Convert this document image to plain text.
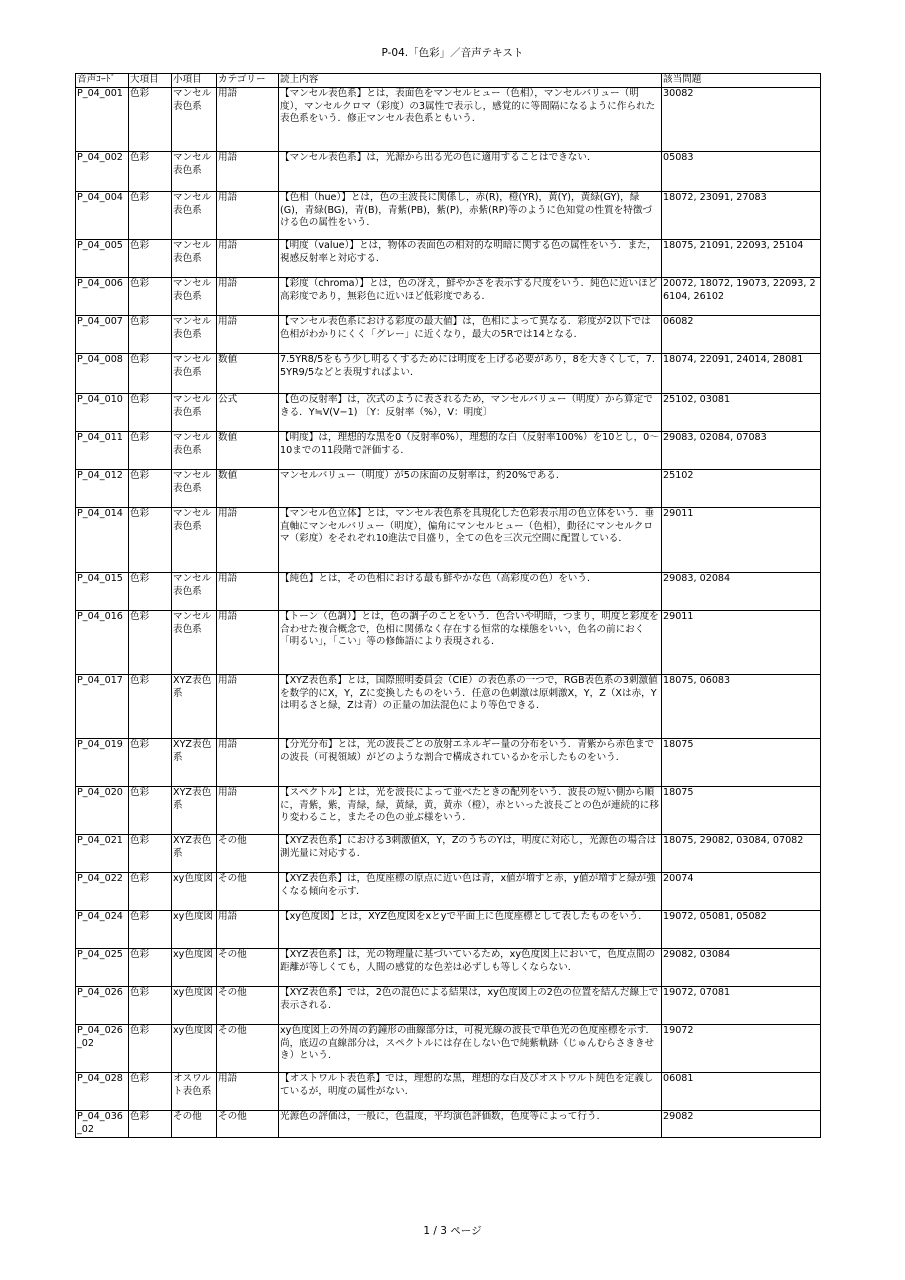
P-04.「色彩」／音声テキスト
音声ｺｰﾄﾞ	大項目	小項目	カテゴリー	読上内容	該当問題
P_04_001	色彩	マンセル表色系	用語	【マンセル表色系】とは，表面色をマンセルヒュー（色相），マンセルバリュー（明度），マンセルクロマ（彩度）の3属性で表示し，感覚的に等間隔になるように作られた表色系をいう．修正マンセル表色系ともいう．	30082
P_04_002	色彩	マンセル表色系	用語	【マンセル表色系】は，光源から出る光の色に適用することはできない．	05083
P_04_004	色彩	マンセル表色系	用語	【色相（hue）】とは，色の主波長に関係し，赤(R)，橙(YR)，黄(Y)，黄緑(GY)，緑(G)，青緑(BG)，青(B)，青紫(PB)，紫(P)，赤紫(RP)等のように色知覚の性質を特徴づける色の属性をいう．	18072, 23091, 27083
P_04_005	色彩	マンセル表色系	用語	【明度（value）】とは，物体の表面色の相対的な明暗に関する色の属性をいう．また，視感反射率と対応する．	18075, 21091, 22093, 25104
P_04_006	色彩	マンセル表色系	用語	【彩度（chroma）】とは，色の冴え，鮮やかさを表示する尺度をいう．純色に近いほど高彩度であり，無彩色に近いほど低彩度である．	20072, 18072, 19073, 22093, 26104, 26102
P_04_007	色彩	マンセル表色系	用語	【マンセル表色系における彩度の最大値】は，色相によって異なる．彩度が2以下では色相がわかりにくく「グレー」に近くなり，最大の5Rでは14となる．	06082
P_04_008	色彩	マンセル表色系	数値	7.5YR8/5をもう少し明るくするためには明度を上げる必要があり，8を大きくして，7.5YR9/5などと表現すればよい．	18074, 22091, 24014, 28081
P_04_010	色彩	マンセル表色系	公式	【色の反射率】は，次式のように表されるため，マンセルバリュー（明度）から算定できる．Y≒V(V−1) 〔Y：反射率（%），V：明度〕	25102, 03081
P_04_011	色彩	マンセル表色系	数値	【明度】は，理想的な黒を0（反射率0%），理想的な白（反射率100%）を10とし，0～10までの11段階で評価する．	29083, 02084, 07083
P_04_012	色彩	マンセル表色系	数値	マンセルバリュー（明度）が5の床面の反射率は，約20%である．	25102
P_04_014	色彩	マンセル表色系	用語	【マンセル色立体】とは，マンセル表色系を具現化した色彩表示用の色立体をいう．垂直軸にマンセルバリュー（明度），偏角にマンセルヒュー（色相），動径にマンセルクロマ（彩度）をそれぞれ10進法で目盛り，全ての色を三次元空間に配置している．	29011
P_04_015	色彩	マンセル表色系	用語	【純色】とは，その色相における最も鮮やかな色（高彩度の色）をいう．	29083, 02084
P_04_016	色彩	マンセル表色系	用語	【トーン（色調）】とは，色の調子のことをいう．色合いや明暗，つまり，明度と彩度を合わせた複合概念で，色相に関係なく存在する恒常的な様態をいい，色名の前におく「明るい」，「こい」等の修飾語により表現される．	29011
P_04_017	色彩	XYZ表色系	用語	【XYZ表色系】とは，国際照明委員会（CIE）の表色系の一つで，RGB表色系の3刺激値を数学的にX，Y，Zに変換したものをいう．任意の色刺激は原刺激X，Y，Z（Xは赤，Yは明るさと緑，Zは青）の正量の加法混色により等色できる．	18075, 06083
P_04_019	色彩	XYZ表色系	用語	【分光分布】とは，光の波長ごとの放射エネルギー量の分布をいう．青紫から赤色までの波長（可視領域）がどのような割合で構成されているかを示したものをいう．	18075
P_04_020	色彩	XYZ表色系	用語	【スペクトル】とは，光を波長によって並べたときの配列をいう．波長の短い側から順に，青紫，紫，青緑，緑，黄緑，黄，黄赤（橙），赤といった波長ごとの色が連続的に移り変わること，またその色の並ぶ様をいう．	18075
P_04_021	色彩	XYZ表色系	その他	【XYZ表色系】における3刺激値X，Y，ZのうちのYは，明度に対応し，光源色の場合は測光量に対応する．	18075, 29082, 03084, 07082
P_04_022	色彩	xy色度図	その他	【XYZ表色系】は，色度座標の原点に近い色は青，x値が増すと赤，y値が増すと緑が強くなる傾向を示す．	20074
P_04_024	色彩	xy色度図	用語	【xy色度図】とは，XYZ色度図をxとyで平面上に色度座標として表したものをいう．	19072, 05081, 05082
P_04_025	色彩	xy色度図	その他	【XYZ表色系】は，光の物理量に基づいているため，xy色度図上において，色度点間の距離が等しくても，人間の感覚的な色差は必ずしも等しくならない．	29082, 03084
P_04_026	色彩	xy色度図	その他	【XYZ表色系】では，2色の混色による結果は，xy色度図上の2色の位置を結んだ線上で表示される．	19072, 07081
P_04_026_02	色彩	xy色度図	その他	xy色度図上の外周の釣鐘形の曲線部分は，可視光線の波長で単色光の色度座標を示す．尚，底辺の直線部分は，スペクトルには存在しない色で純紫軌跡（じゅんむらさききせき）という．	19072
P_04_028	色彩	オスワルト表色系	用語	【オストワルト表色系】では，理想的な黒，理想的な白及びオストワルト純色を定義しているが，明度の属性がない．	06081
P_04_036_02	色彩	その他	その他	光源色の評価は，一般に，色温度，平均演色評価数，色度等によって行う．	29082
1 / 3 ページ
